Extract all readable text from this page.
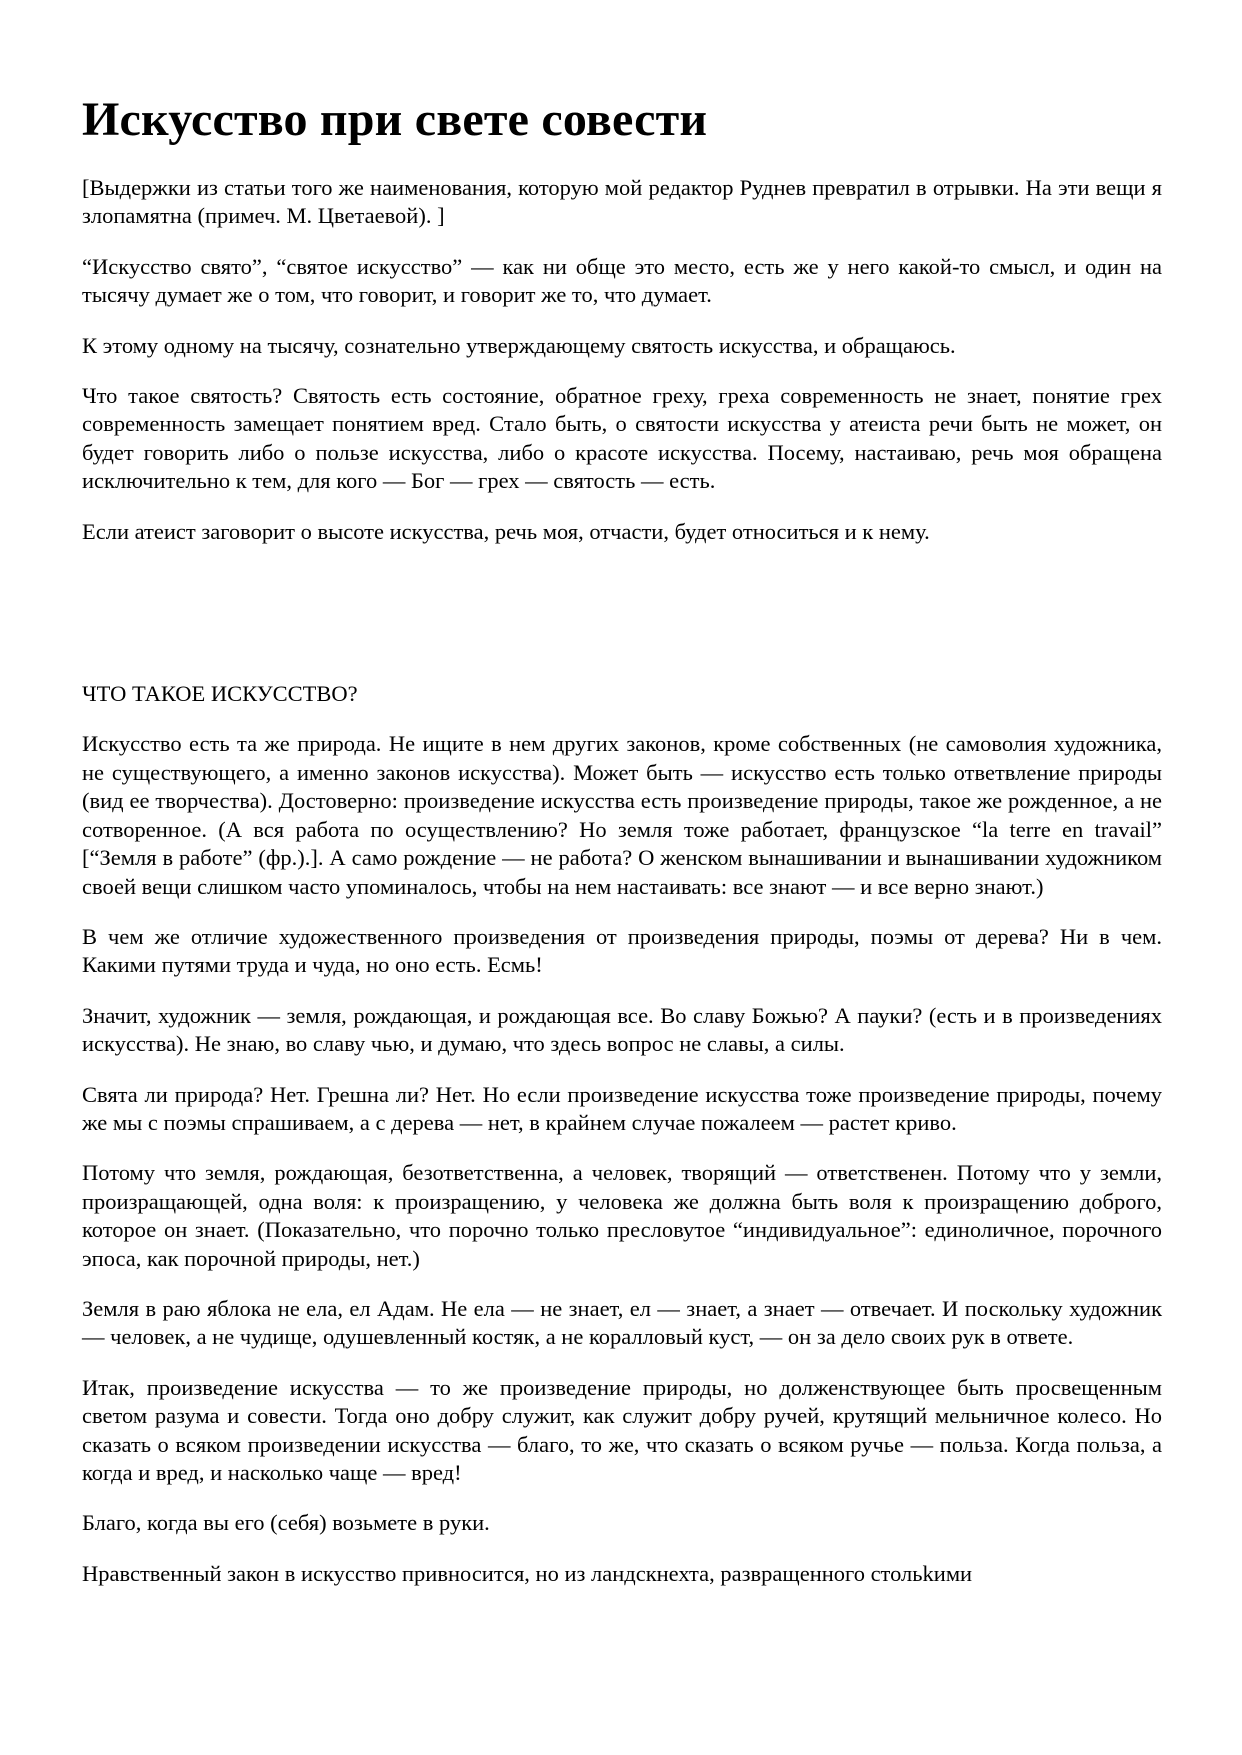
Искусство при свете совести

[Выдержки из статьи того же наименования, которую мой редактор Руднев превратил в отрывки. На эти вещи я злопамятна (примеч. М. Цветаевой). ]

“Искусство свято”, “святое искусство” — как ни обще это место, есть же у него какой-то смысл, и один на тысячу думает же о том, что говорит, и говорит же то, что думает.

К этому одному на тысячу, сознательно утверждающему святость искусства, и обращаюсь.

Что такое святость? Святость есть состояние, обратное греху, греха современность не знает, понятие грех современность замещает понятием вред. Стало быть, о святости искусства у атеиста речи быть не может, он будет говорить либо о пользе искусства, либо о красоте искусства. Посему, настаиваю, речь моя обращена исключительно к тем, для кого — Бог — грех — святость — есть.

Если атеист заговорит о высоте искусства, речь моя, отчасти, будет относиться и к нему.

ЧТО ТАКОЕ ИСКУССТВО?

Искусство есть та же природа. Не ищите в нем других законов, кроме собственных (не самоволия художника, не существующего, а именно законов искусства). Может быть — искусство есть только ответвление природы (вид ее творчества). Достоверно: произведение искусства есть произведение природы, такое же рожденное, а не сотворенное. (А вся работа по осуществлению? Но земля тоже работает, французское “la terre en travail” [“Земля в работе” (фр.).]. А само рождение — не работа? О женском вынашивании и вынашивании художником своей вещи слишком часто упоминалось, чтобы на нем настаивать: все знают — и все верно знают.)

В чем же отличие художественного произведения от произведения природы, поэмы от дерева? Ни в чем. Какими путями труда и чуда, но оно есть. Есмь!

Значит, художник — земля, рождающая, и рождающая все. Во славу Божью? А пауки? (есть и в произведениях искусства). Не знаю, во славу чью, и думаю, что здесь вопрос не славы, а силы.

Свята ли природа? Нет. Грешна ли? Нет. Но если произведение искусства тоже произведение природы, почему же мы с поэмы спрашиваем, а с дерева — нет, в крайнем случае пожалеем — растет криво.

Потому что земля, рождающая, безответственна, а человек, творящий — ответственен. Потому что у земли, произращающей, одна воля: к произращению, у человека же должна быть воля к произращению доброго, которое он знает. (Показательно, что порочно только пресловутое “индивидуальное”: единоличное, порочного эпоса, как порочной природы, нет.)

Земля в раю яблока не ела, ел Адам. Не ела — не знает, ел — знает, а знает — отвечает. И поскольку художник — человек, а не чудище, одушевленный костяк, а не коралловый куст, — он за дело своих рук в ответе.

Итак, произведение искусства — то же произведение природы, но долженствующее быть просвещенным светом разума и совести. Тогда оно добру служит, как служит добру ручей, крутящий мельничное колесо. Но сказать о всяком произведении искусства — благо, то же, что сказать о всяком ручье — польза. Когда польза, а когда и вред, и насколько чаще — вред!

Благо, когда вы его (себя) возьмете в руки.

Нравственный закон в искусство привносится, но из ландскнехта, развращенного стольkими
